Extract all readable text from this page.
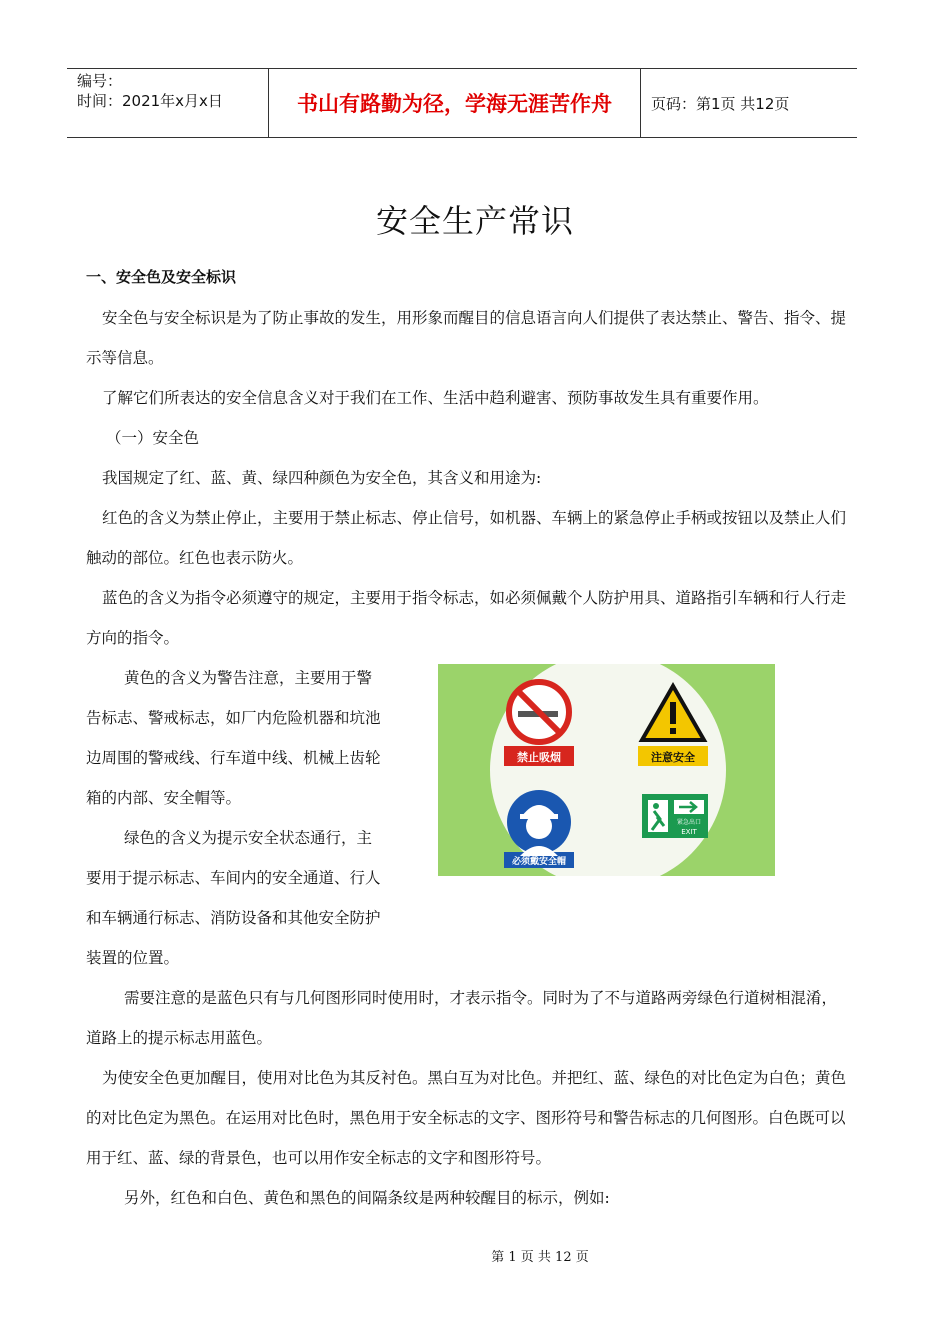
编号：
时间：2021年x月x日	书山有路勤为径，学海无涯苦作舟	页码：第1页 共12页
安全生产常识
一、安全色及安全标识

安全色与安全标识是为了防止事故的发生，用形象而醒目的信息语言向人们提供了表达禁止、警告、指令、提示等信息。

了解它们所表达的安全信息含义对于我们在工作、生活中趋利避害、预防事故发生具有重要作用。

（一）安全色

我国规定了红、蓝、黄、绿四种颜色为安全色，其含义和用途为:

红色的含义为禁止停止，主要用于禁止标志、停止信号，如机器、车辆上的紧急停止手柄或按钮以及禁止人们触动的部位。红色也表示防火。

蓝色的含义为指令必须遵守的规定，主要用于指令标志，如必须佩戴个人防护用具、道路指引车辆和行人行走方向的指令。

黄色的含义为警告注意，主要用于警告标志、警戒标志，如厂内危险机器和坑池边周围的警戒线、行车道中线、机械上齿轮箱的内部、安全帽等。

绿色的含义为提示安全状态通行，主要用于提示标志、车间内的安全通道、行人和车辆通行标志、消防设备和其他安全防护装置的位置。

需要注意的是蓝色只有与几何图形同时使用时，才表示指令。同时为了不与道路两旁绿色行道树相混淆，道路上的提示标志用蓝色。

为使安全色更加醒目，使用对比色为其反衬色。黑白互为对比色。并把红、蓝、绿色的对比色定为白色；黄色的对比色定为黑色。在运用对比色时，黑色用于安全标志的文字、图形符号和警告标志的几何图形。白色既可以用于红、蓝、绿的背景色，也可以用作安全标志的文字和图形符号。

另外，红色和白色、黄色和黑色的间隔条纹是两种较醒目的标示，例如:

禁止吸烟	注意安全
必须戴安全帽
紧急出口
EXIT
第 1 页 共 12 页
